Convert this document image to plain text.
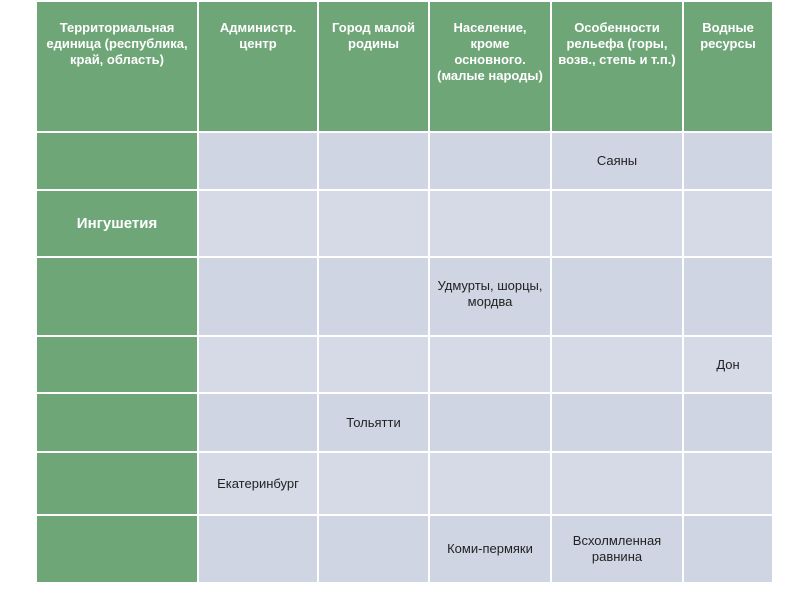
Территориальная единица (республика, край, область)	Администр. центр	Город малой родины	Население, кроме основного. (малые народы)	Особенности рельефа (горы, возв., степь и т.п.)	Водные ресурсы
				Саяны	
Ингушетия					
			Удмурты, шорцы, мордва		
					Дон
		Тольятти			
	Екатеринбург				
			Коми-пермяки	Всхолмленная равнина	
